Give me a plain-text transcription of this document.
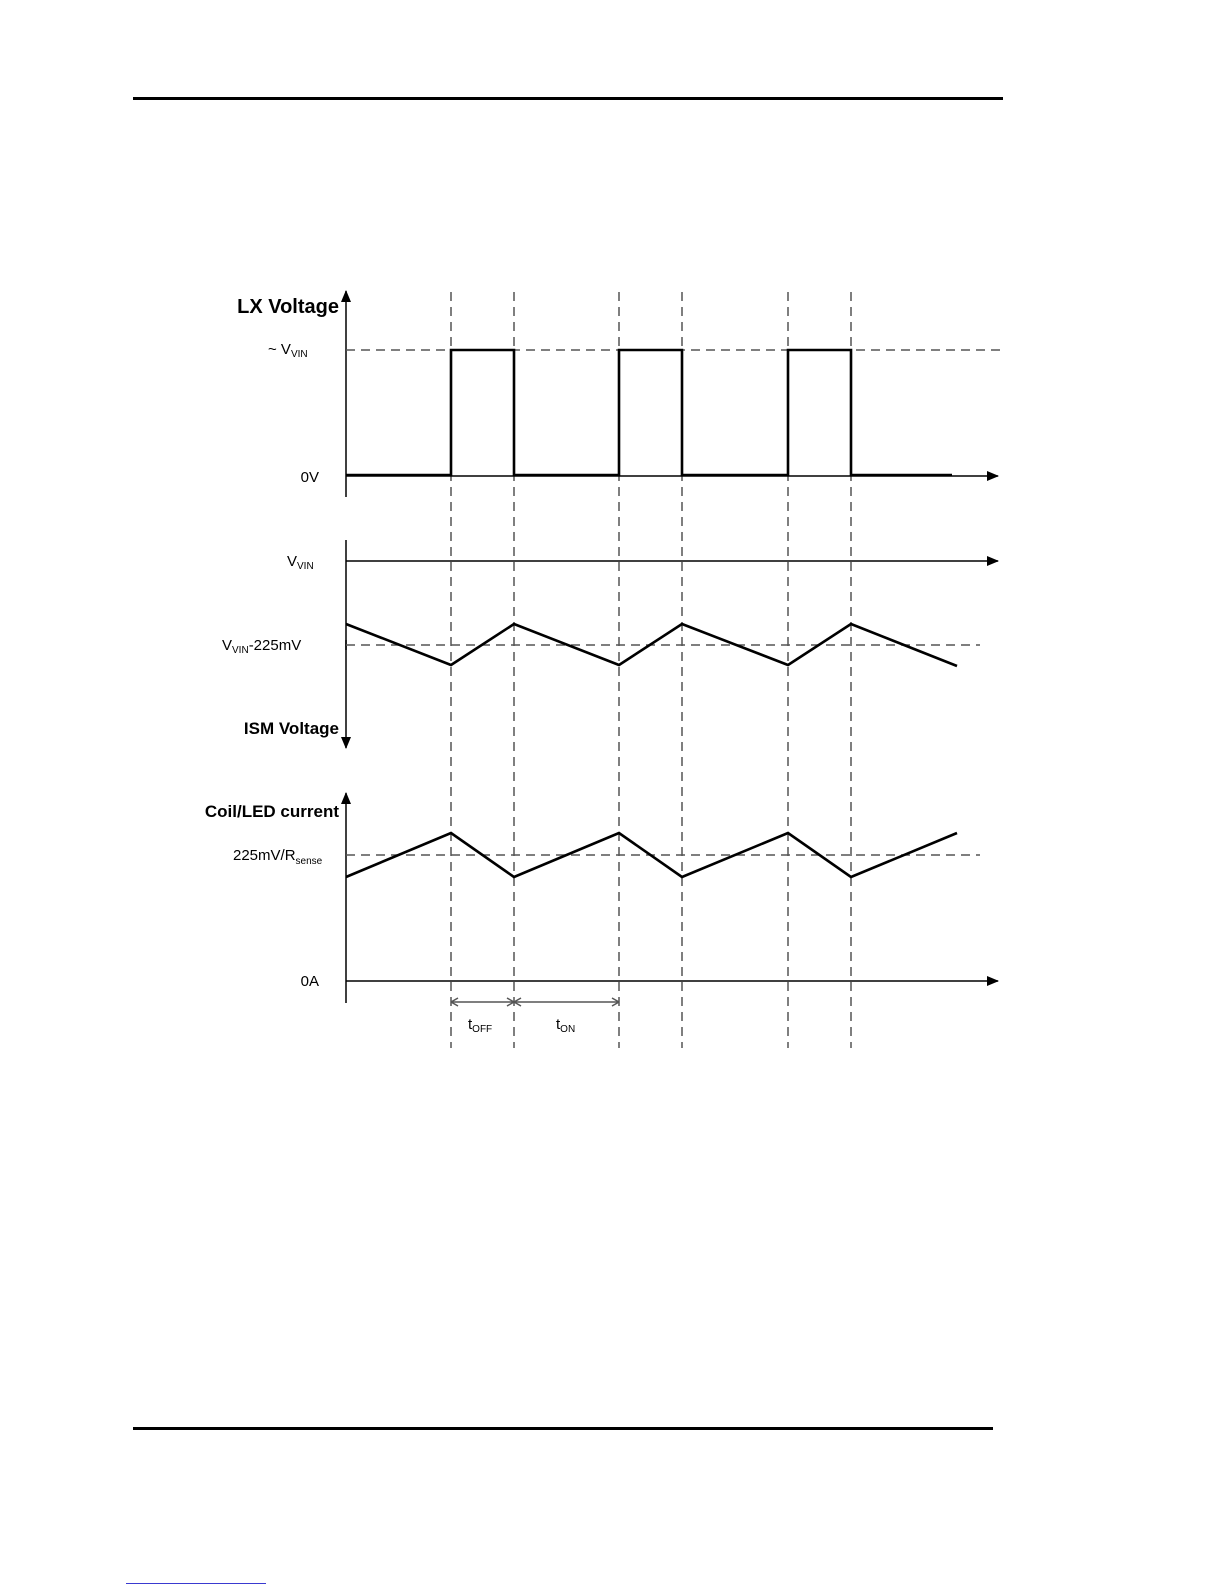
LX Voltage
~ $V_{VIN}$
0V
$V_{VIN}$
$V_{VIN}-225mV$
ISM Voltage
Coil/LED current
$225mV/R_{sense}$
0A
$t_{OFF}$	$t_{ON}$
